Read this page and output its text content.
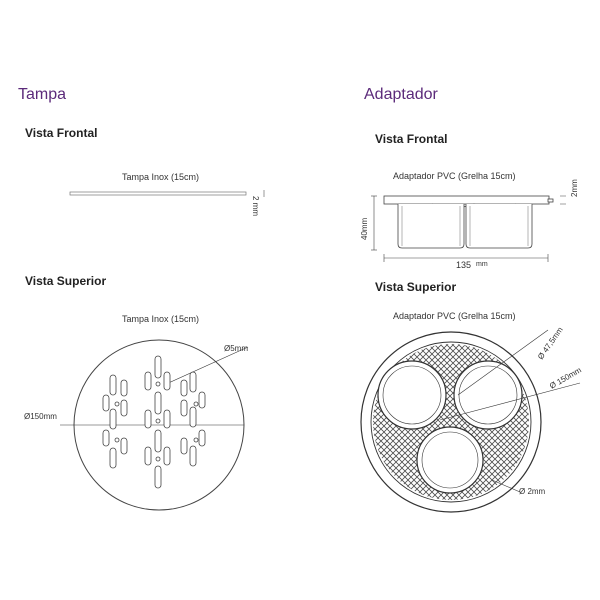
Tampa	Adaptador
Vista Frontal	Vista Frontal
Tampa Inox (15cm)	Adaptador PVC (Grelha 15cm)
Vista Superior	Vista Superior
Tampa Inox (15cm)	Adaptador PVC (Grelha 15cm)
2 mm
Ø5mm
Ø150mm
40mm
2mm
135 mm
Ø 47,5mm
Ø 150mm
Ø 2mm
